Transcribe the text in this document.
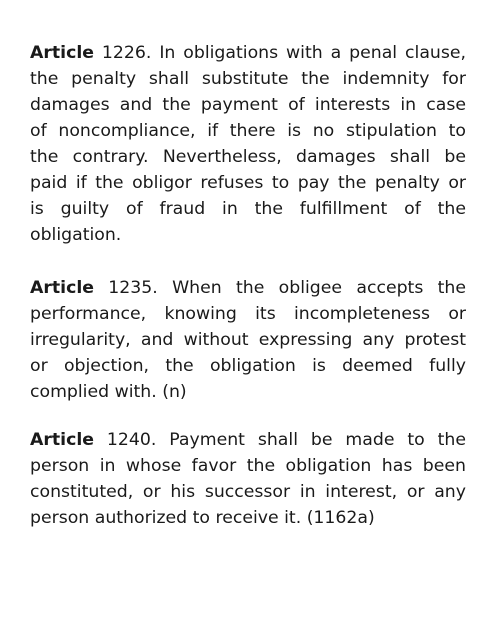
Article 1226. In obligations with a penal clause,
the penalty shall substitute the indemnity for
damages and the payment of interests in case
of noncompliance, if there is no stipulation to
the contrary. Nevertheless, damages shall be
paid if the obligor refuses to pay the penalty or
is guilty of fraud in the fulfillment of the
obligation.
Article 1235. When the obligee accepts the
performance, knowing its incompleteness or
irregularity, and without expressing any protest
or objection, the obligation is deemed fully
complied with. (n)
Article 1240. Payment shall be made to the
person in whose favor the obligation has been
constituted, or his successor in interest, or any
person authorized to receive it. (1162a)
